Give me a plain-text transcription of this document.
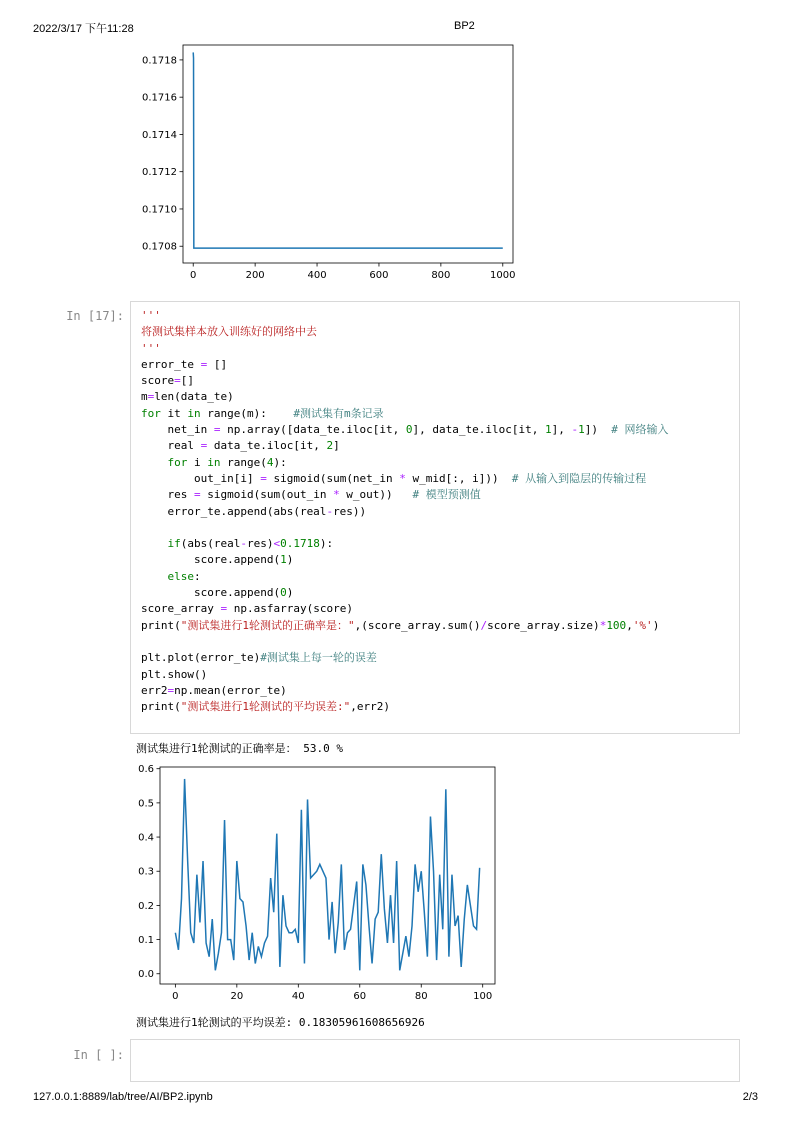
2022/3/17 下午11:28	BP2
0.1708
0.1710
0.1712
0.1714
0.1716
0.1718
0	200	400	600	800	1000
In [17]: '''
将测试集样本放入训练好的网络中去
'''
error_te = []
score=[]
m=len(data_te)
for it in range(m):    #测试集有m条记录
net_in = np.array([data_te.iloc[it, 0], data_te.iloc[it, 1], -1])  # 网络输入
real = data_te.iloc[it, 2]
for i in range(4):
out_in[i] = sigmoid(sum(net_in * w_mid[:, i]))  # 从输入到隐层的传输过程
res = sigmoid(sum(out_in * w_out))   # 模型预测值
error_te.append(abs(real-res))

if(abs(real-res)<0.1718):
score.append(1)
else:
score.append(0)
score_array = np.asfarray(score)
print("测试集进行1轮测试的正确率是：",(score_array.sum()/score_array.size)*100,'%')

plt.plot(error_te)#测试集上每一轮的误差
plt.show()
err2=np.mean(error_te)
print("测试集进行1轮测试的平均误差:",err2)
测试集进行1轮测试的正确率是： 53.0 %
0.0
0.1
0.2
0.3
0.4
0.5
0.6
0	20	40	60	80	100
测试集进行1轮测试的平均误差: 0.18305961608656926
In [ ]:
127.0.0.1:8889/lab/tree/AI/BP2.ipynb	2/3
